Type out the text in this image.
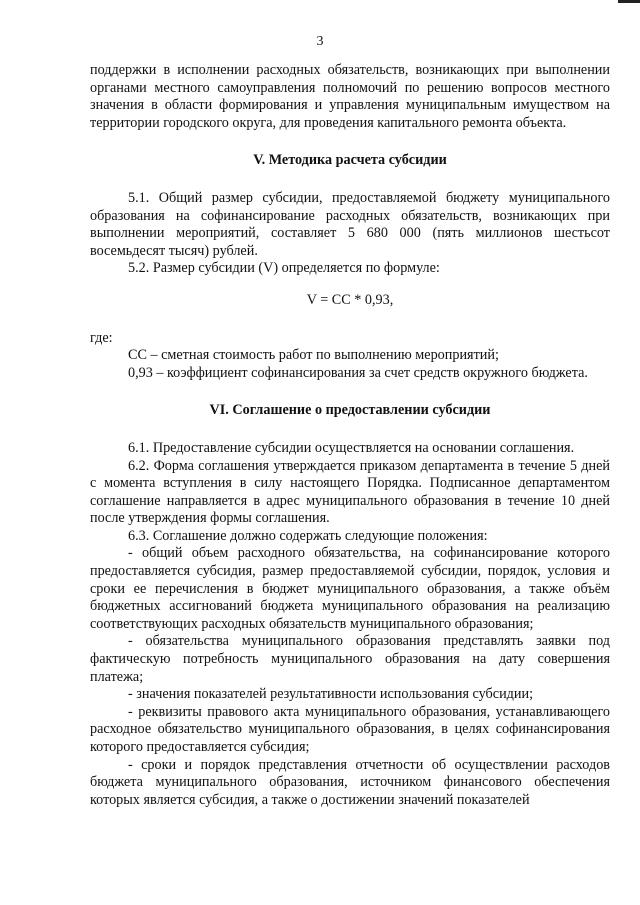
3

поддержки в исполнении расходных обязательств, возникающих при выполнении органами местного самоуправления полномочий по решению вопросов местного значения в области формирования и управления муниципальным имуществом на территории городского округа, для проведения капитального ремонта объекта.

V. Методика расчета субсидии

5.1. Общий размер субсидии, предоставляемой бюджету муниципального образования на софинансирование расходных обязательств, возникающих при выполнении мероприятий, составляет 5 680 000 (пять миллионов шестьсот восемьдесят тысяч) рублей.

5.2. Размер субсидии (V) определяется по формуле:

V = CC * 0,93,

где:

CC – сметная стоимость работ по выполнению мероприятий;

0,93 – коэффициент софинансирования за счет средств окружного бюджета.

VI. Соглашение о предоставлении субсидии

6.1. Предоставление субсидии осуществляется на основании соглашения.

6.2. Форма соглашения утверждается приказом департамента в течение 5 дней с момента вступления в силу настоящего Порядка. Подписанное департаментом соглашение направляется в адрес муниципального образования в течение 10 дней после утверждения формы соглашения.

6.3. Соглашение должно содержать следующие положения:

- общий объем расходного обязательства, на софинансирование которого предоставляется субсидия, размер предоставляемой субсидии, порядок, условия и сроки ее перечисления в бюджет муниципального образования, а также объём бюджетных ассигнований бюджета муниципального образования на реализацию соответствующих расходных обязательств муниципального образования;

- обязательства муниципального образования представлять заявки под фактическую потребность муниципального образования на дату совершения платежа;

- значения показателей результативности использования субсидии;

- реквизиты правового акта муниципального образования, устанавливающего расходное обязательство муниципального образования, в целях софинансирования которого предоставляется субсидия;

- сроки и порядок представления отчетности об осуществлении расходов бюджета муниципального образования, источником финансового обеспечения которых является субсидия, а также о достижении значений показателей
